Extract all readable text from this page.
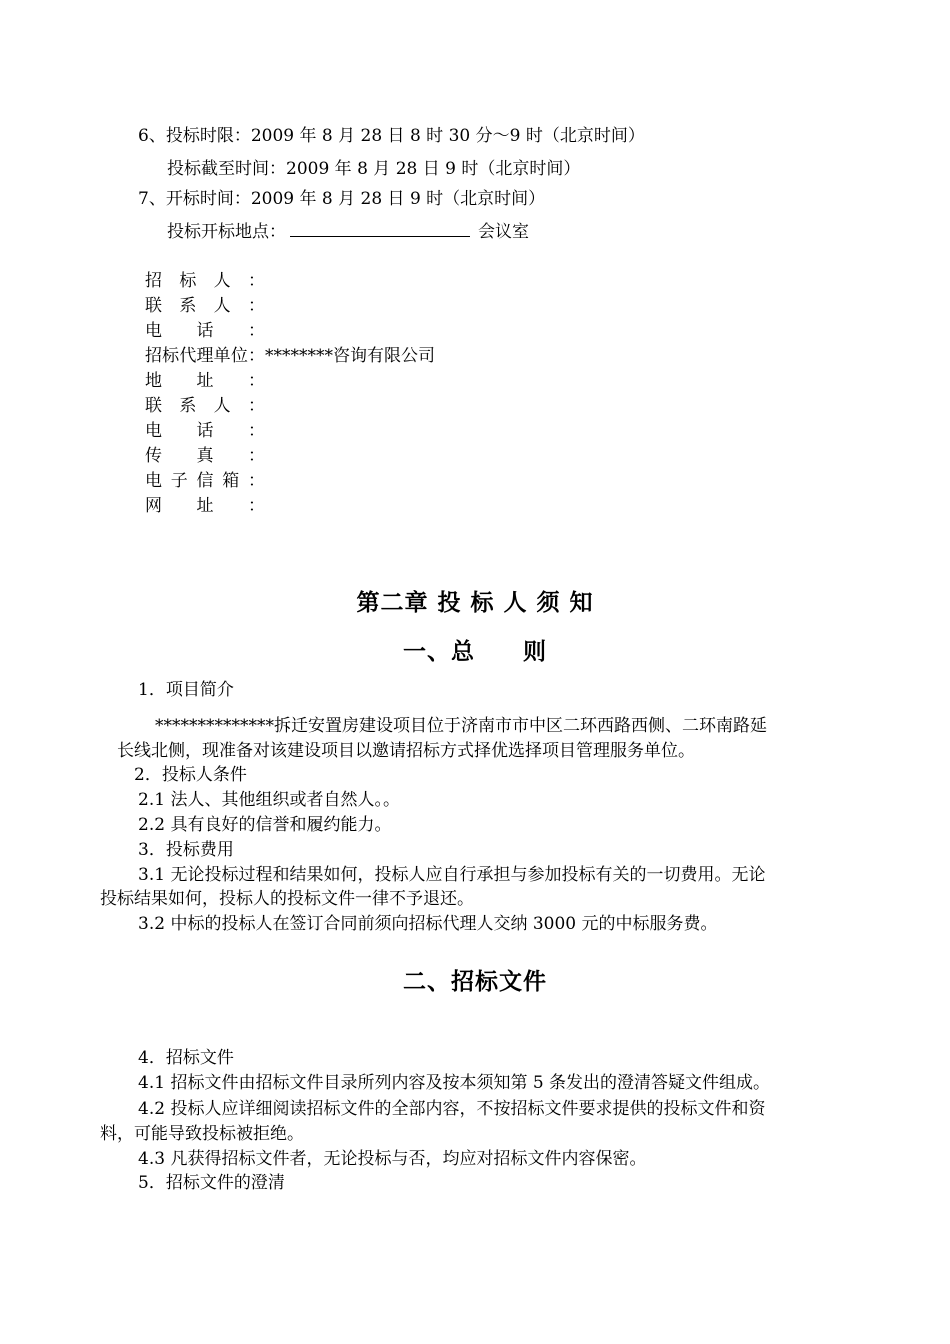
6、投标时限：2009 年 8 月 28 日 8 时 30 分～9 时（北京时间）

投标截至时间：2009 年 8 月 28 日 9 时（北京时间）

7、开标时间：2009 年 8 月 28 日 9 时（北京时间）

投标开标地点：	会议室

招标人：
联系人：
电话：
招标代理单位：********咨询有限公司
地址：
联系人：
电话：
传真：
电子信箱：
网址：
第二章 投 标 人 须 知
一、总　　则

1．项目简介

**************拆迁安置房建设项目位于济南市市中区二环西路西侧、二环南路延

长线北侧，现准备对该建设项目以邀请招标方式择优选择项目管理服务单位。

2．投标人条件

2.1 法人、其他组织或者自然人。。

2.2 具有良好的信誉和履约能力。

3．投标费用

3.1 无论投标过程和结果如何，投标人应自行承担与参加投标有关的一切费用。无论

投标结果如何，投标人的投标文件一律不予退还。

3.2 中标的投标人在签订合同前须向招标代理人交纳 3000 元的中标服务费。

二、招标文件

4．招标文件

4.1 招标文件由招标文件目录所列内容及按本须知第 5 条发出的澄清答疑文件组成。

4.2 投标人应详细阅读招标文件的全部内容，不按招标文件要求提供的投标文件和资

料，可能导致投标被拒绝。

4.3 凡获得招标文件者，无论投标与否，均应对招标文件内容保密。

5．招标文件的澄清
